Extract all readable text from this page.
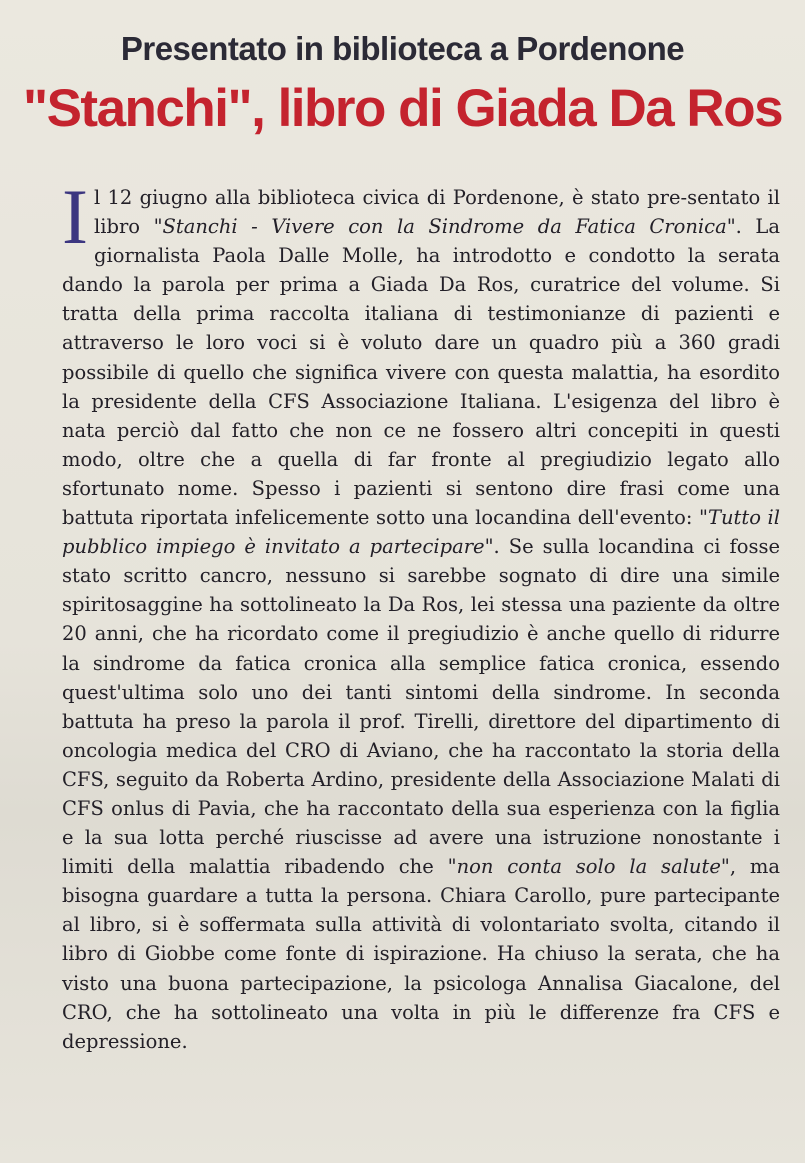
Presentato in biblioteca a Pordenone
"Stanchi", libro di Giada Da Ros
I l 12 giugno alla biblioteca civica di Pordenone, è stato pre-sentato il libro "Stanchi - Vivere con la Sindrome da Fatica Cronica". La giornalista Paola Dalle Molle, ha introdotto e condotto la serata dando la parola per prima a Giada Da Ros, curatrice del volume. Si tratta della prima raccolta italiana di testimonianze di pazienti e attraverso le loro voci si è voluto dare un quadro più a 360 gradi possibile di quello che significa vivere con questa malattia, ha esordito la presidente della CFS Associazione Italiana. L'esigenza del libro è nata perciò dal fatto che non ce ne fossero altri concepiti in questi modo, oltre che a quella di far fronte al pregiudizio legato allo sfortunato nome. Spesso i pazienti si sentono dire frasi come una battuta riportata infelicemente sotto una locandina dell'evento: "Tutto il pubblico impiego è invitato a partecipare". Se sulla locandina ci fosse stato scritto cancro, nessuno si sarebbe sognato di dire una simile spiritosaggine ha sottolineato la Da Ros, lei stessa una paziente da oltre 20 anni, che ha ricordato come il pregiudizio è anche quello di ridurre la sindrome da fatica cronica alla semplice fatica cronica, essendo quest'ultima solo uno dei tanti sintomi della sindrome. In seconda battuta ha preso la parola il prof. Tirelli, direttore del dipartimento di oncologia medica del CRO di Aviano, che ha raccontato la storia della CFS, seguito da Roberta Ardino, presidente della Associazione Malati di CFS onlus di Pavia, che ha raccontato della sua esperienza con la figlia e la sua lotta perché riuscisse ad avere una istruzione nonostante i limiti della malattia ribadendo che "non conta solo la salute", ma bisogna guardare a tutta la persona. Chiara Carollo, pure partecipante al libro, si è soffermata sulla attività di volontariato svolta, citando il libro di Giobbe come fonte di ispirazione. Ha chiuso la serata, che ha visto una buona partecipazione, la psicologa Annalisa Giacalone, del CRO, che ha sottolineato una volta in più le differenze fra CFS e depressione.
